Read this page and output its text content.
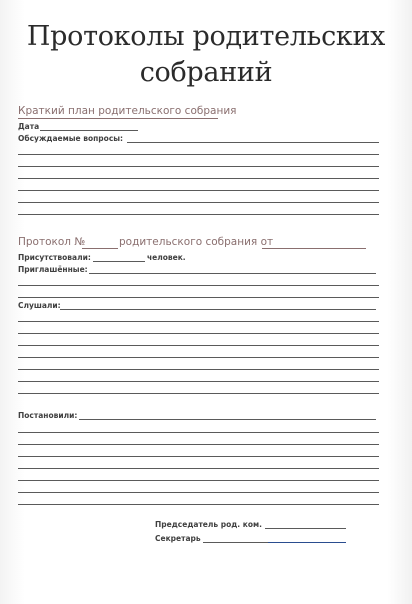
Протоколы родительских
собраний
Краткий план родительского собрания
Дата
Обсуждаемые вопросы:
Протокол №	родительского собрания от
Присутствовали:	человек.
Приглашённые:
Слушали:
Постановили:
Председатель род. ком.
Секретарь
